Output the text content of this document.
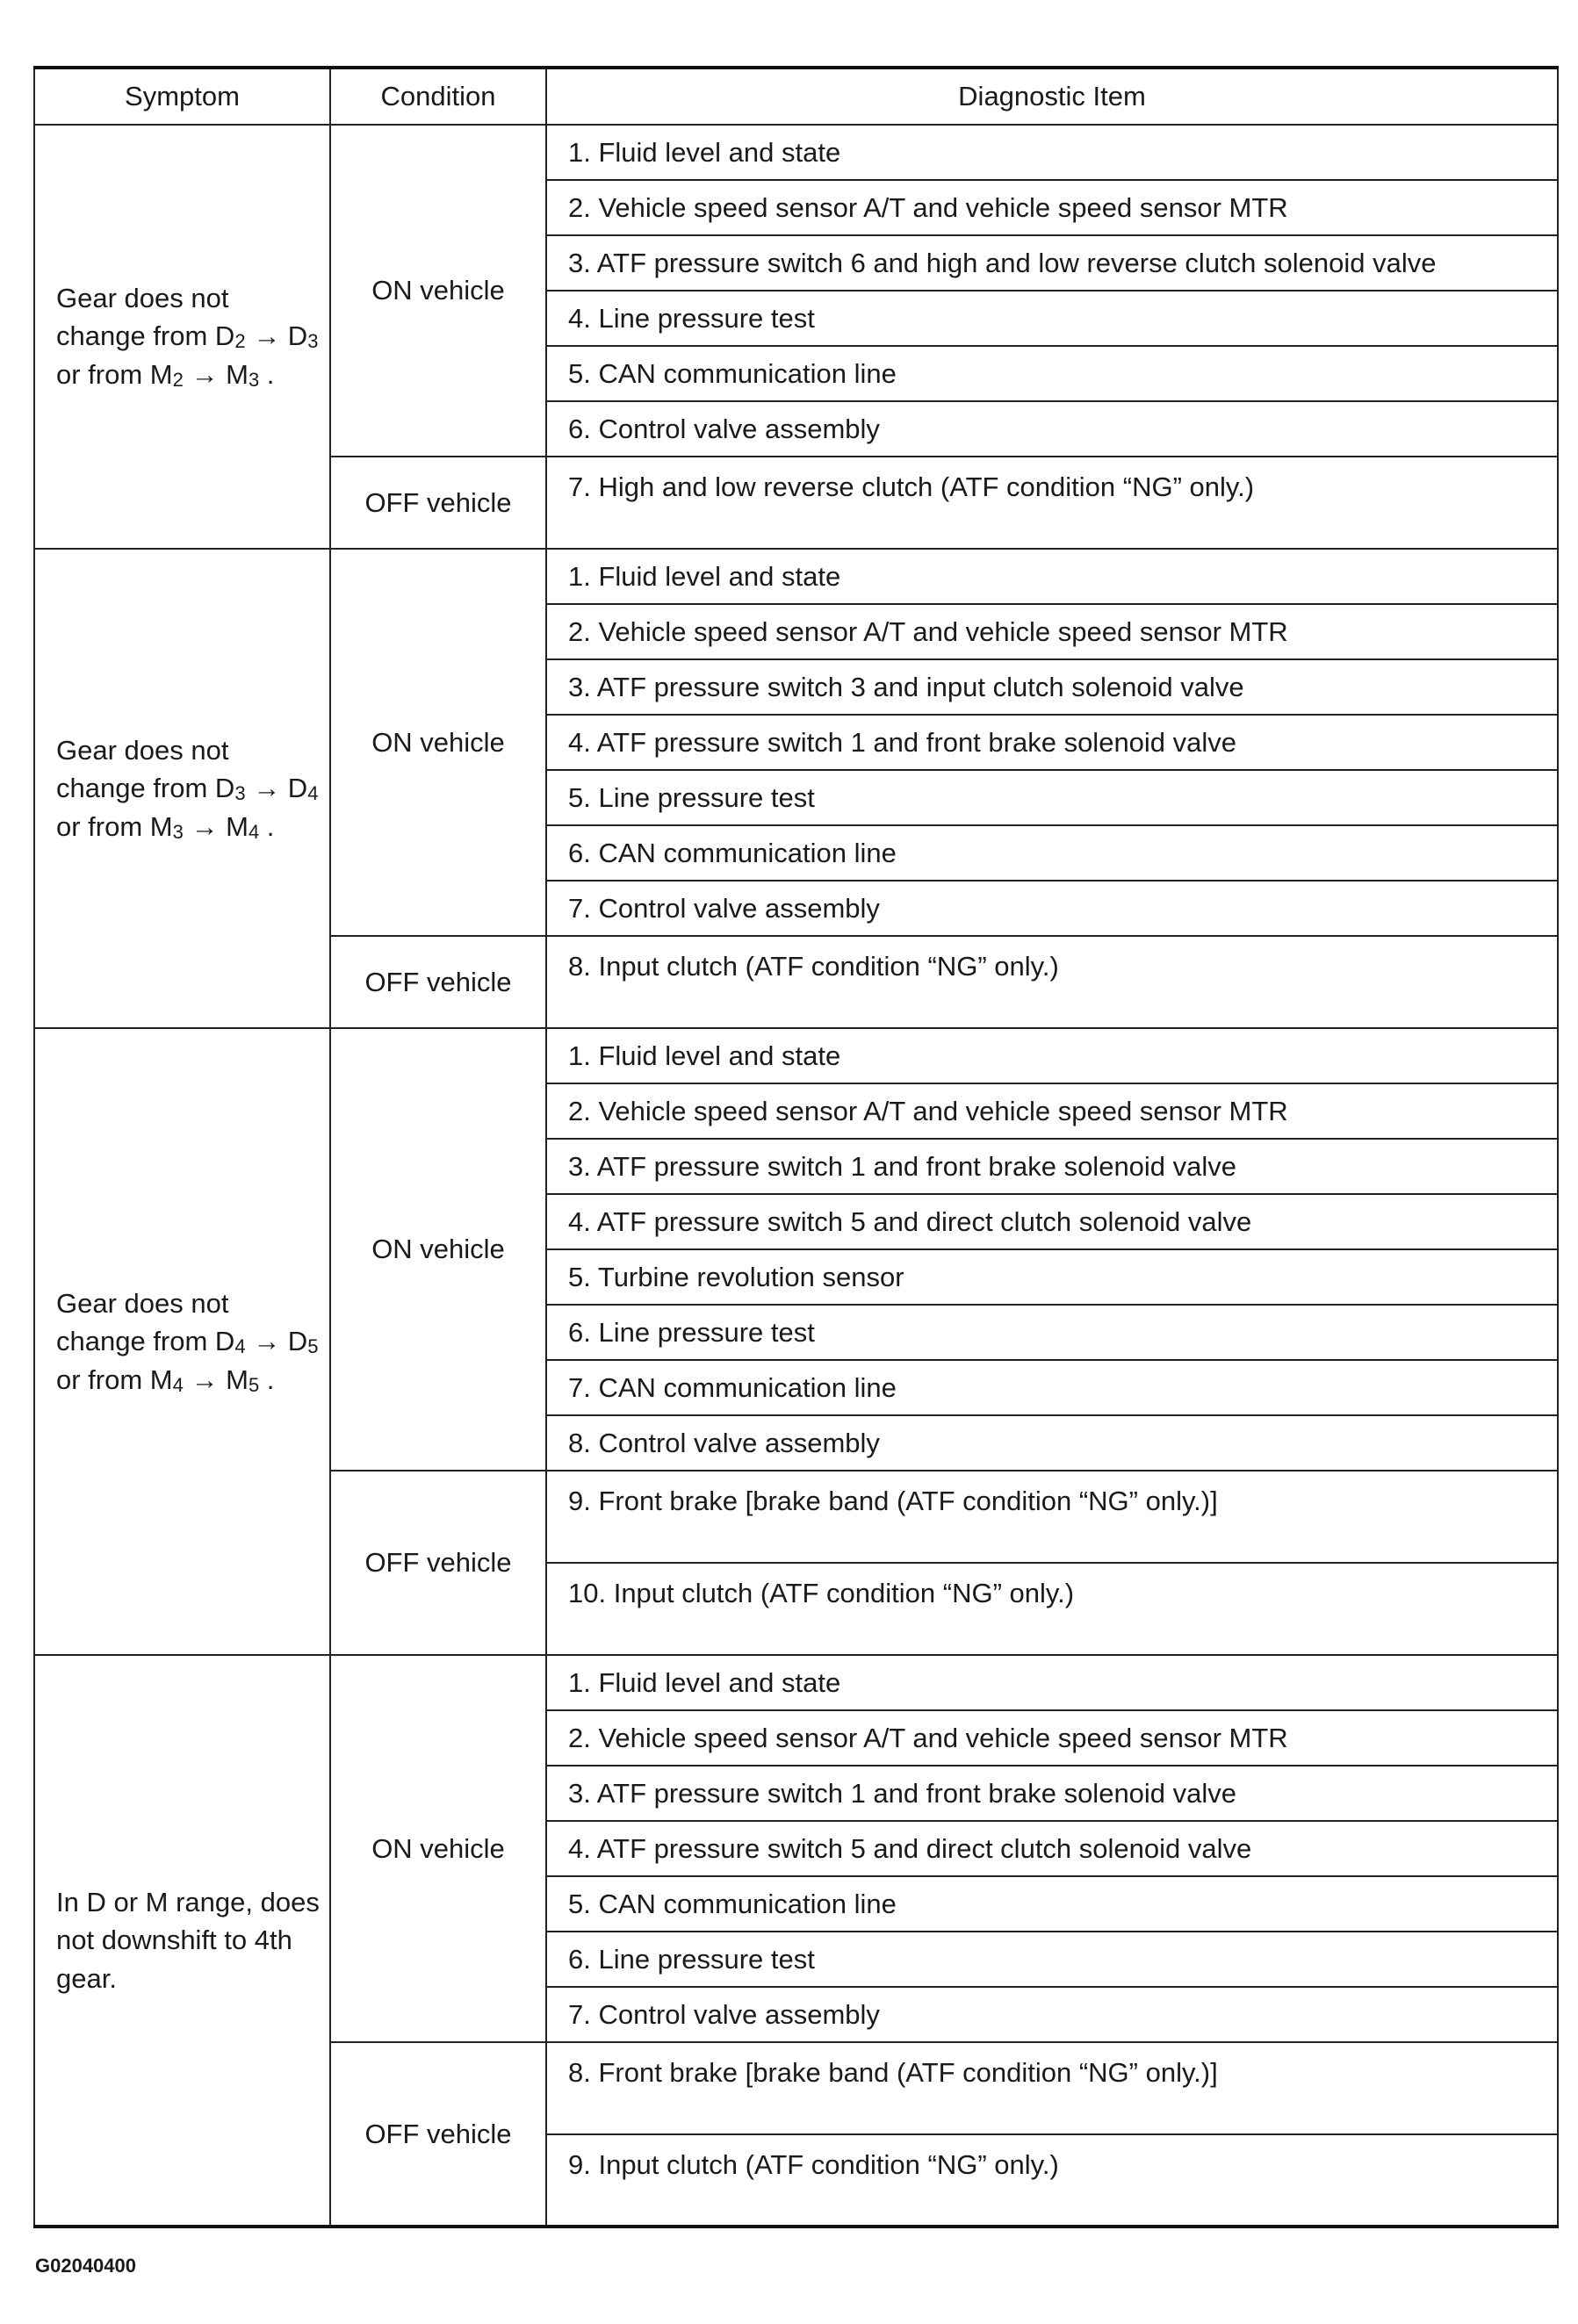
Symptom	Condition	Diagnostic Item
Gear does not change from $D_2 \to D_3$ or from $M_2 \to M_3$ .	ON vehicle	1. Fluid level and state
		2. Vehicle speed sensor A/T and vehicle speed sensor MTR
		3. ATF pressure switch 6 and high and low reverse clutch solenoid valve
		4. Line pressure test
		5. CAN communication line
		6. Control valve assembly
	OFF vehicle	7. High and low reverse clutch (ATF condition “NG” only.)

Gear does not change from $D_3 \to D_4$ or from $M_3 \to M_4$ .	ON vehicle	1. Fluid level and state
		2. Vehicle speed sensor A/T and vehicle speed sensor MTR
		3. ATF pressure switch 3 and input clutch solenoid valve
		4. ATF pressure switch 1 and front brake solenoid valve
		5. Line pressure test
		6. CAN communication line
		7. Control valve assembly
	OFF vehicle	8. Input clutch (ATF condition “NG” only.)

Gear does not change from $D_4 \to D_5$ or from $M_4 \to M_5$ .	ON vehicle	1. Fluid level and state
		2. Vehicle speed sensor A/T and vehicle speed sensor MTR
		3. ATF pressure switch 1 and front brake solenoid valve
		4. ATF pressure switch 5 and direct clutch solenoid valve
		5. Turbine revolution sensor
		6. Line pressure test
		7. CAN communication line
		8. Control valve assembly
	OFF vehicle	9. Front brake [brake band (ATF condition “NG” only.)]
		10. Input clutch (ATF condition “NG” only.)
In D or M range, does not downshift to 4th gear.	ON vehicle	1. Fluid level and state
		2. Vehicle speed sensor A/T and vehicle speed sensor MTR
		3. ATF pressure switch 1 and front brake solenoid valve
		4. ATF pressure switch 5 and direct clutch solenoid valve
		5. CAN communication line
		6. Line pressure test
		7. Control valve assembly
	OFF vehicle	8. Front brake [brake band (ATF condition “NG” only.)]
		9. Input clutch (ATF condition “NG” only.)
G02040400
